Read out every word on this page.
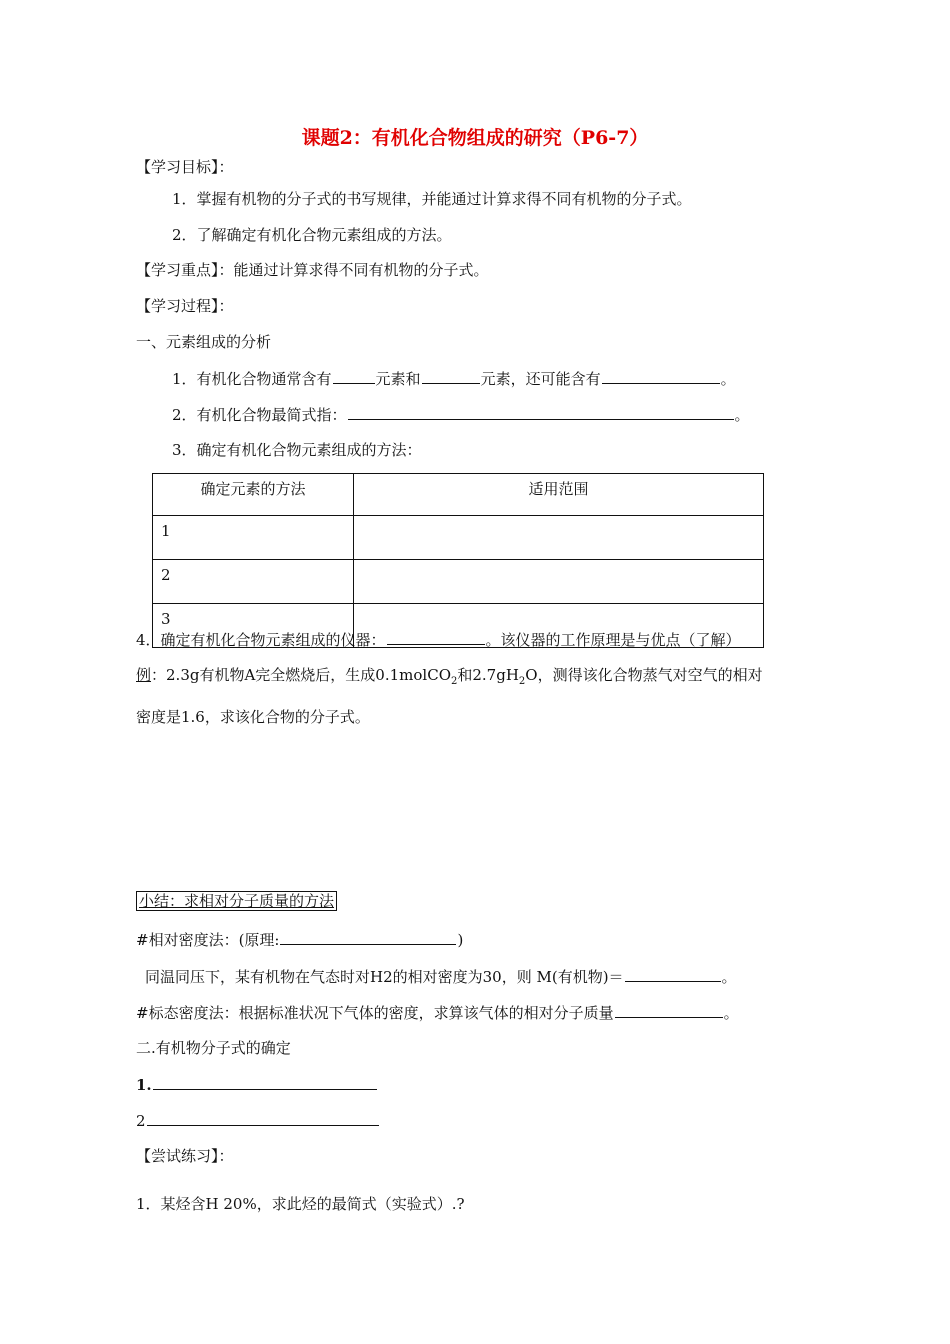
课题2：有机化合物组成的研究（P6-7）
【学习目标】：
1．掌握有机物的分子式的书写规律，并能通过计算求得不同有机物的分子式。
2．了解确定有机化合物元素组成的方法。
【学习重点】：能通过计算求得不同有机物的分子式。
【学习过程】：
一、元素组成的分析
1．有机化合物通常含有	元素和	元素，还可能含有	。
2．有机化合物最简式指：	。
3．确定有机化合物元素组成的方法：
确定元素的方法	适用范围
1	
2	
3	
4．确定有机化合物元素组成的仪器：	。该仪器的工作原理是与优点（了解）
例：2.3g有机物A完全燃烧后，生成0.1molCO$_2$和$2.7gH_2O$，测得该化合物蒸气对空气的相对
密度是1.6，求该化合物的分子式。
小结：求相对分子质量的方法
#相对密度法：(原理:	)
同温同压下，某有机物在气态时对H2的相对密度为30，则 M(有机物)＝	。
#标态密度法：根据标准状况下气体的密度，求算该气体的相对分子质量	。
二.有机物分子式的确定
1.
2
【尝试练习】：
1．某烃含H 20%，求此烃的最简式（实验式）.?
